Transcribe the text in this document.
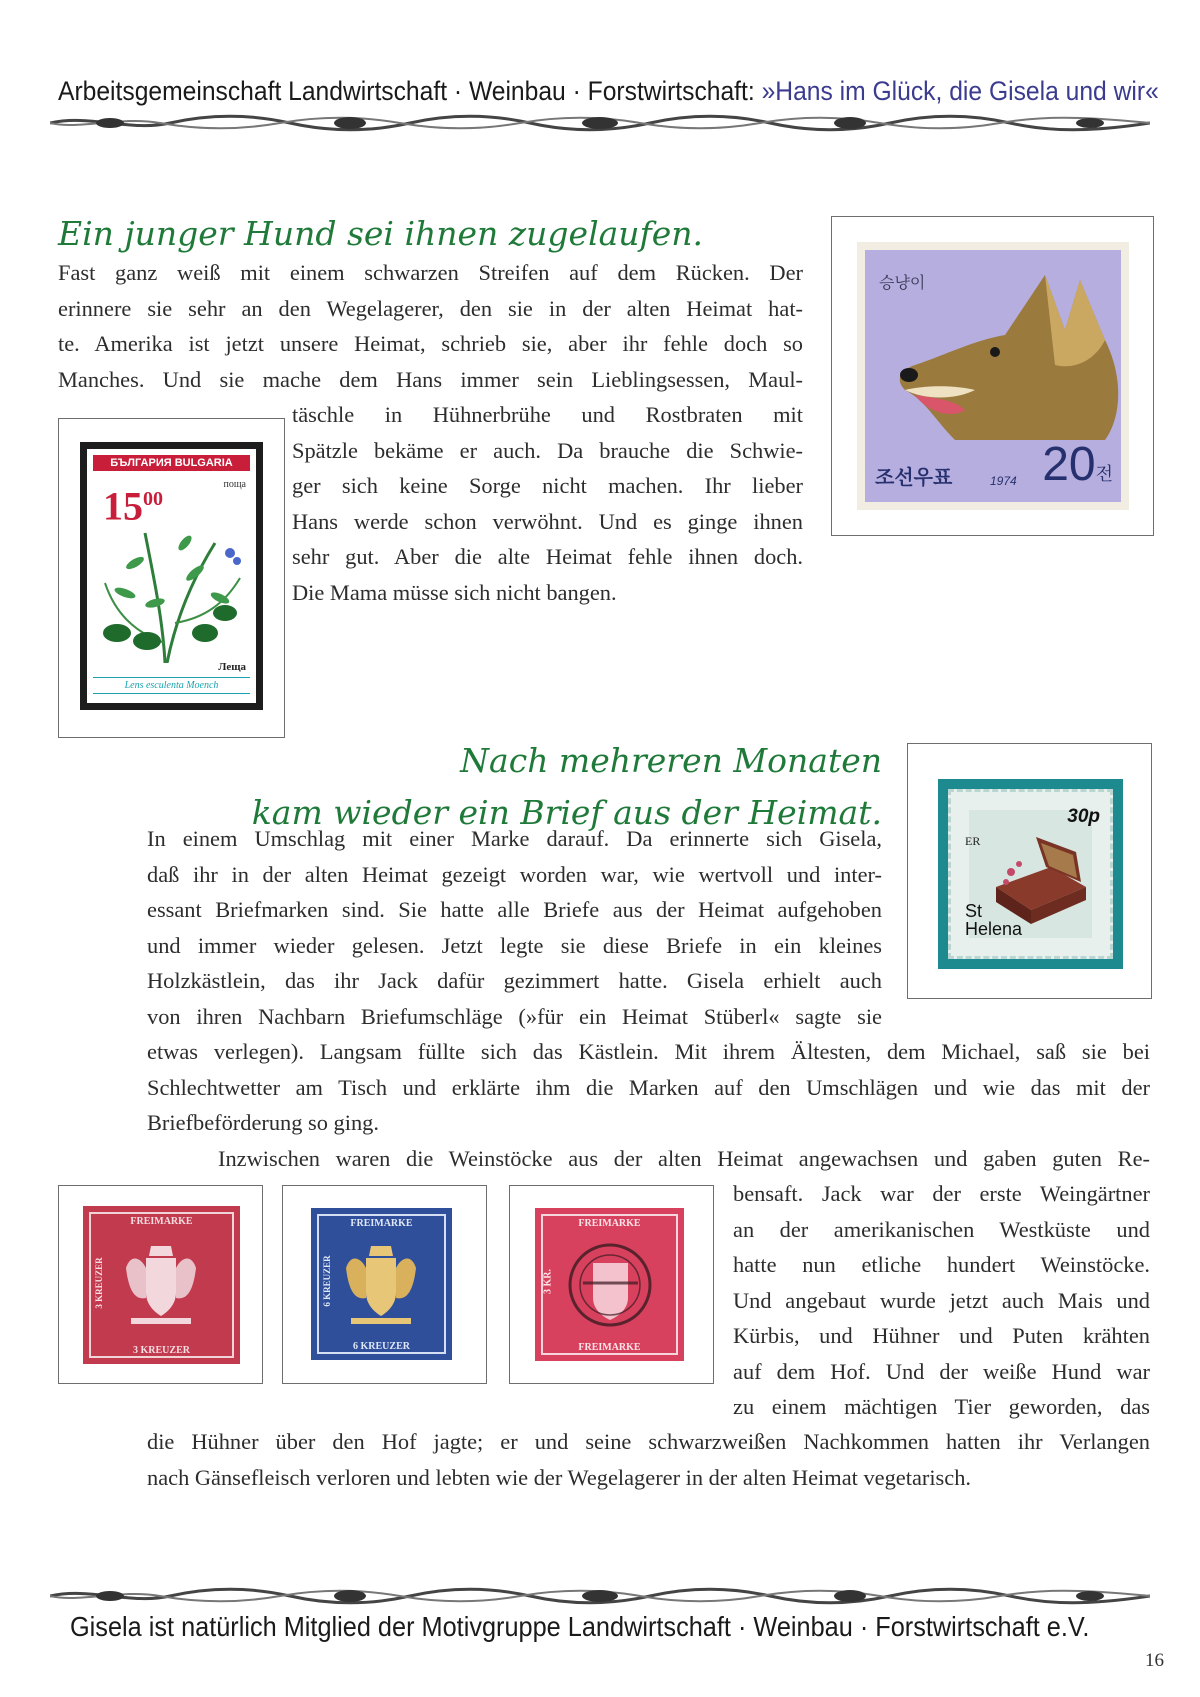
Arbeitsgemeinschaft Landwirtschaft · Weinbau · Forstwirtschaft: »Hans im Glück, die Gisela und wir«
Ein junger Hund sei ihnen zugelaufen.
Fast ganz weiß mit einem schwarzen Streifen auf dem Rücken. Der
erinnere sie sehr an den Wegelagerer, den sie in der alten Heimat hat-
te. Amerika ist jetzt unsere Heimat, schrieb sie, aber ihr fehle doch so
Manches. Und sie mache dem Hans immer sein Lieblingsessen, Maul-
täschle in Hühnerbrühe und Rostbraten mit
Spätzle bekäme er auch. Da brauche die Schwie-
ger sich keine Sorge nicht machen. Ihr lieber
Hans werde schon verwöhnt. Und es ginge ihnen
sehr gut. Aber die alte Heimat fehle ihnen doch.
Die Mama müsse sich nicht bangen.
БЪЛГАРИЯ BULGARIA
$15^{00}$
поща
Леща
Lens esculenta Moench
승냥이
조선우표	1974 20전
Nach mehreren Monaten
kam wieder ein Brief aus der Heimat.	30p
ER
St
Helena
In einem Umschlag mit einer Marke darauf. Da erinnerte sich Gisela,
daß ihr in der alten Heimat gezeigt worden war, wie wertvoll und inter-
essant Briefmarken sind. Sie hatte alle Briefe aus der Heimat aufgehoben
und immer wieder gelesen. Jetzt legte sie diese Briefe in ein kleines
Holzkästlein, das ihr Jack dafür gezimmert hatte. Gisela erhielt auch
von ihren Nachbarn Briefumschläge (»für ein Heimat Stüberl« sagte sie
etwas verlegen). Langsam füllte sich das Kästlein. Mit ihrem Ältesten, dem Michael, saß sie bei
Schlechtwetter am Tisch und erklärte ihm die Marken auf den Umschlägen und wie das mit der
Briefbeförderung so ging.
Inzwischen waren die Weinstöcke aus der alten Heimat angewachsen und gaben guten Re-
bensaft. Jack war der erste Weingärtner
an der amerikanischen Westküste und
hatte nun etliche hundert Weinstöcke.
Und angebaut wurde jetzt auch Mais und
Kürbis, und Hühner und Puten krähten
auf dem Hof. Und der weiße Hund war
zu einem mächtigen Tier geworden, das
die Hühner über den Hof jagte; er und seine schwarzweißen Nachkommen hatten ihr Verlangen
nach Gänsefleisch verloren und lebten wie der Wegelagerer in der alten Heimat vegetarisch.
FREIMARKE
3 KREUZER
3 KREUZER
FREIMARKE
6 KREUZER
6 KREUZER
FREIMARKE
FREIMARKE
3 KR.
Gisela ist natürlich Mitglied der Motivgruppe Landwirtschaft · Weinbau · Forstwirtschaft e.V.
16
